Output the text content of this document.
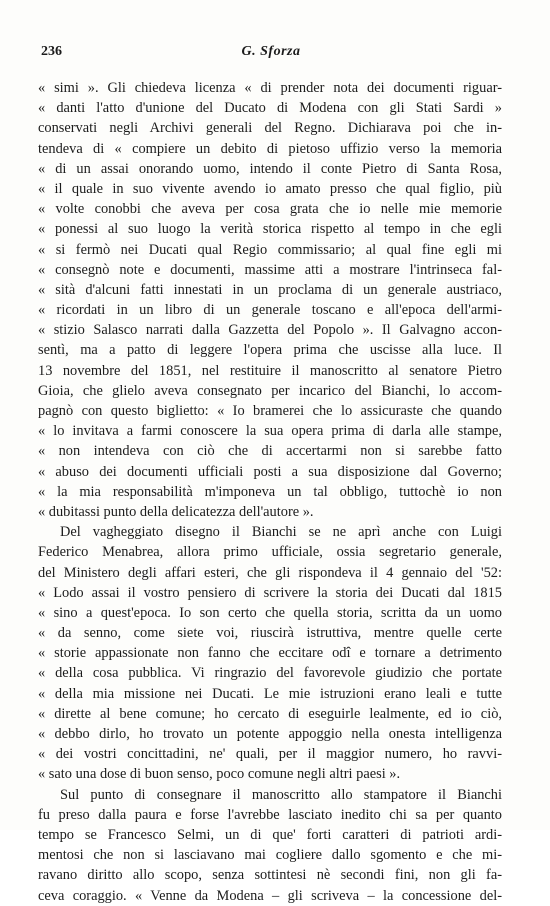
236	G. Sforza
« simi ». Gli chiedeva licenza « di prender nota dei documenti riguar-
« danti l'atto d'unione del Ducato di Modena con gli Stati Sardi »
conservati negli Archivi generali del Regno. Dichiarava poi che in-
tendeva di « compiere un debito di pietoso uffizio verso la memoria
« di un assai onorando uomo, intendo il conte Pietro di Santa Rosa,
« il quale in suo vivente avendo io amato presso che qual figlio, più
« volte conobbi che aveva per cosa grata che io nelle mie memorie
« ponessi al suo luogo la verità storica rispetto al tempo in che egli
« si fermò nei Ducati qual Regio commissario; al qual fine egli mi
« consegnò note e documenti, massime atti a mostrare l'intrinseca fal-
« sità d'alcuni fatti innestati in un proclama di un generale austriaco,
« ricordati in un libro di un generale toscano e all'epoca dell'armi-
« stizio Salasco narrati dalla Gazzetta del Popolo ». Il Galvagno accon-
sentì, ma a patto di leggere l'opera prima che uscisse alla luce. Il
13 novembre del 1851, nel restituire il manoscritto al senatore Pietro
Gioia, che glielo aveva consegnato per incarico del Bianchi, lo accom-
pagnò con questo biglietto: « Io bramerei che lo assicuraste che quando
« lo invitava a farmi conoscere la sua opera prima di darla alle stampe,
« non intendeva con ciò che di accertarmi non si sarebbe fatto
« abuso dei documenti ufficiali posti a sua disposizione dal Governo;
« la mia responsabilità m'imponeva un tal obbligo, tuttochè io non
« dubitassi punto della delicatezza dell'autore ».
Del vagheggiato disegno il Bianchi se ne aprì anche con Luigi
Federico Menabrea, allora primo ufficiale, ossia segretario generale,
del Ministero degli affari esteri, che gli rispondeva il 4 gennaio del '52:
« Lodo assai il vostro pensiero di scrivere la storia dei Ducati dal 1815
« sino a quest'epoca. Io son certo che quella storia, scritta da un uomo
« da senno, come siete voi, riuscirà istruttiva, mentre quelle certe
« storie appassionate non fanno che eccitare odî e tornare a detrimento
« della cosa pubblica. Vi ringrazio del favorevole giudizio che portate
« della mia missione nei Ducati. Le mie istruzioni erano leali e tutte
« dirette al bene comune; ho cercato di eseguirle lealmente, ed io ciò,
« debbo dirlo, ho trovato un potente appoggio nella onesta intelligenza
« dei vostri concittadini, ne' quali, per il maggior numero, ho ravvi-
« sato una dose di buon senso, poco comune negli altri paesi ».
Sul punto di consegnare il manoscritto allo stampatore il Bianchi
fu preso dalla paura e forse l'avrebbe lasciato inedito chi sa per quanto
tempo se Francesco Selmi, un di que' forti caratteri di patrioti ardi-
mentosi che non si lasciavano mai cogliere dallo sgomento e che mi-
ravano diritto allo scopo, senza sottintesi nè secondi fini, non gli fa-
ceva coraggio. « Venne da Modena – gli scriveva – la concessione del-
